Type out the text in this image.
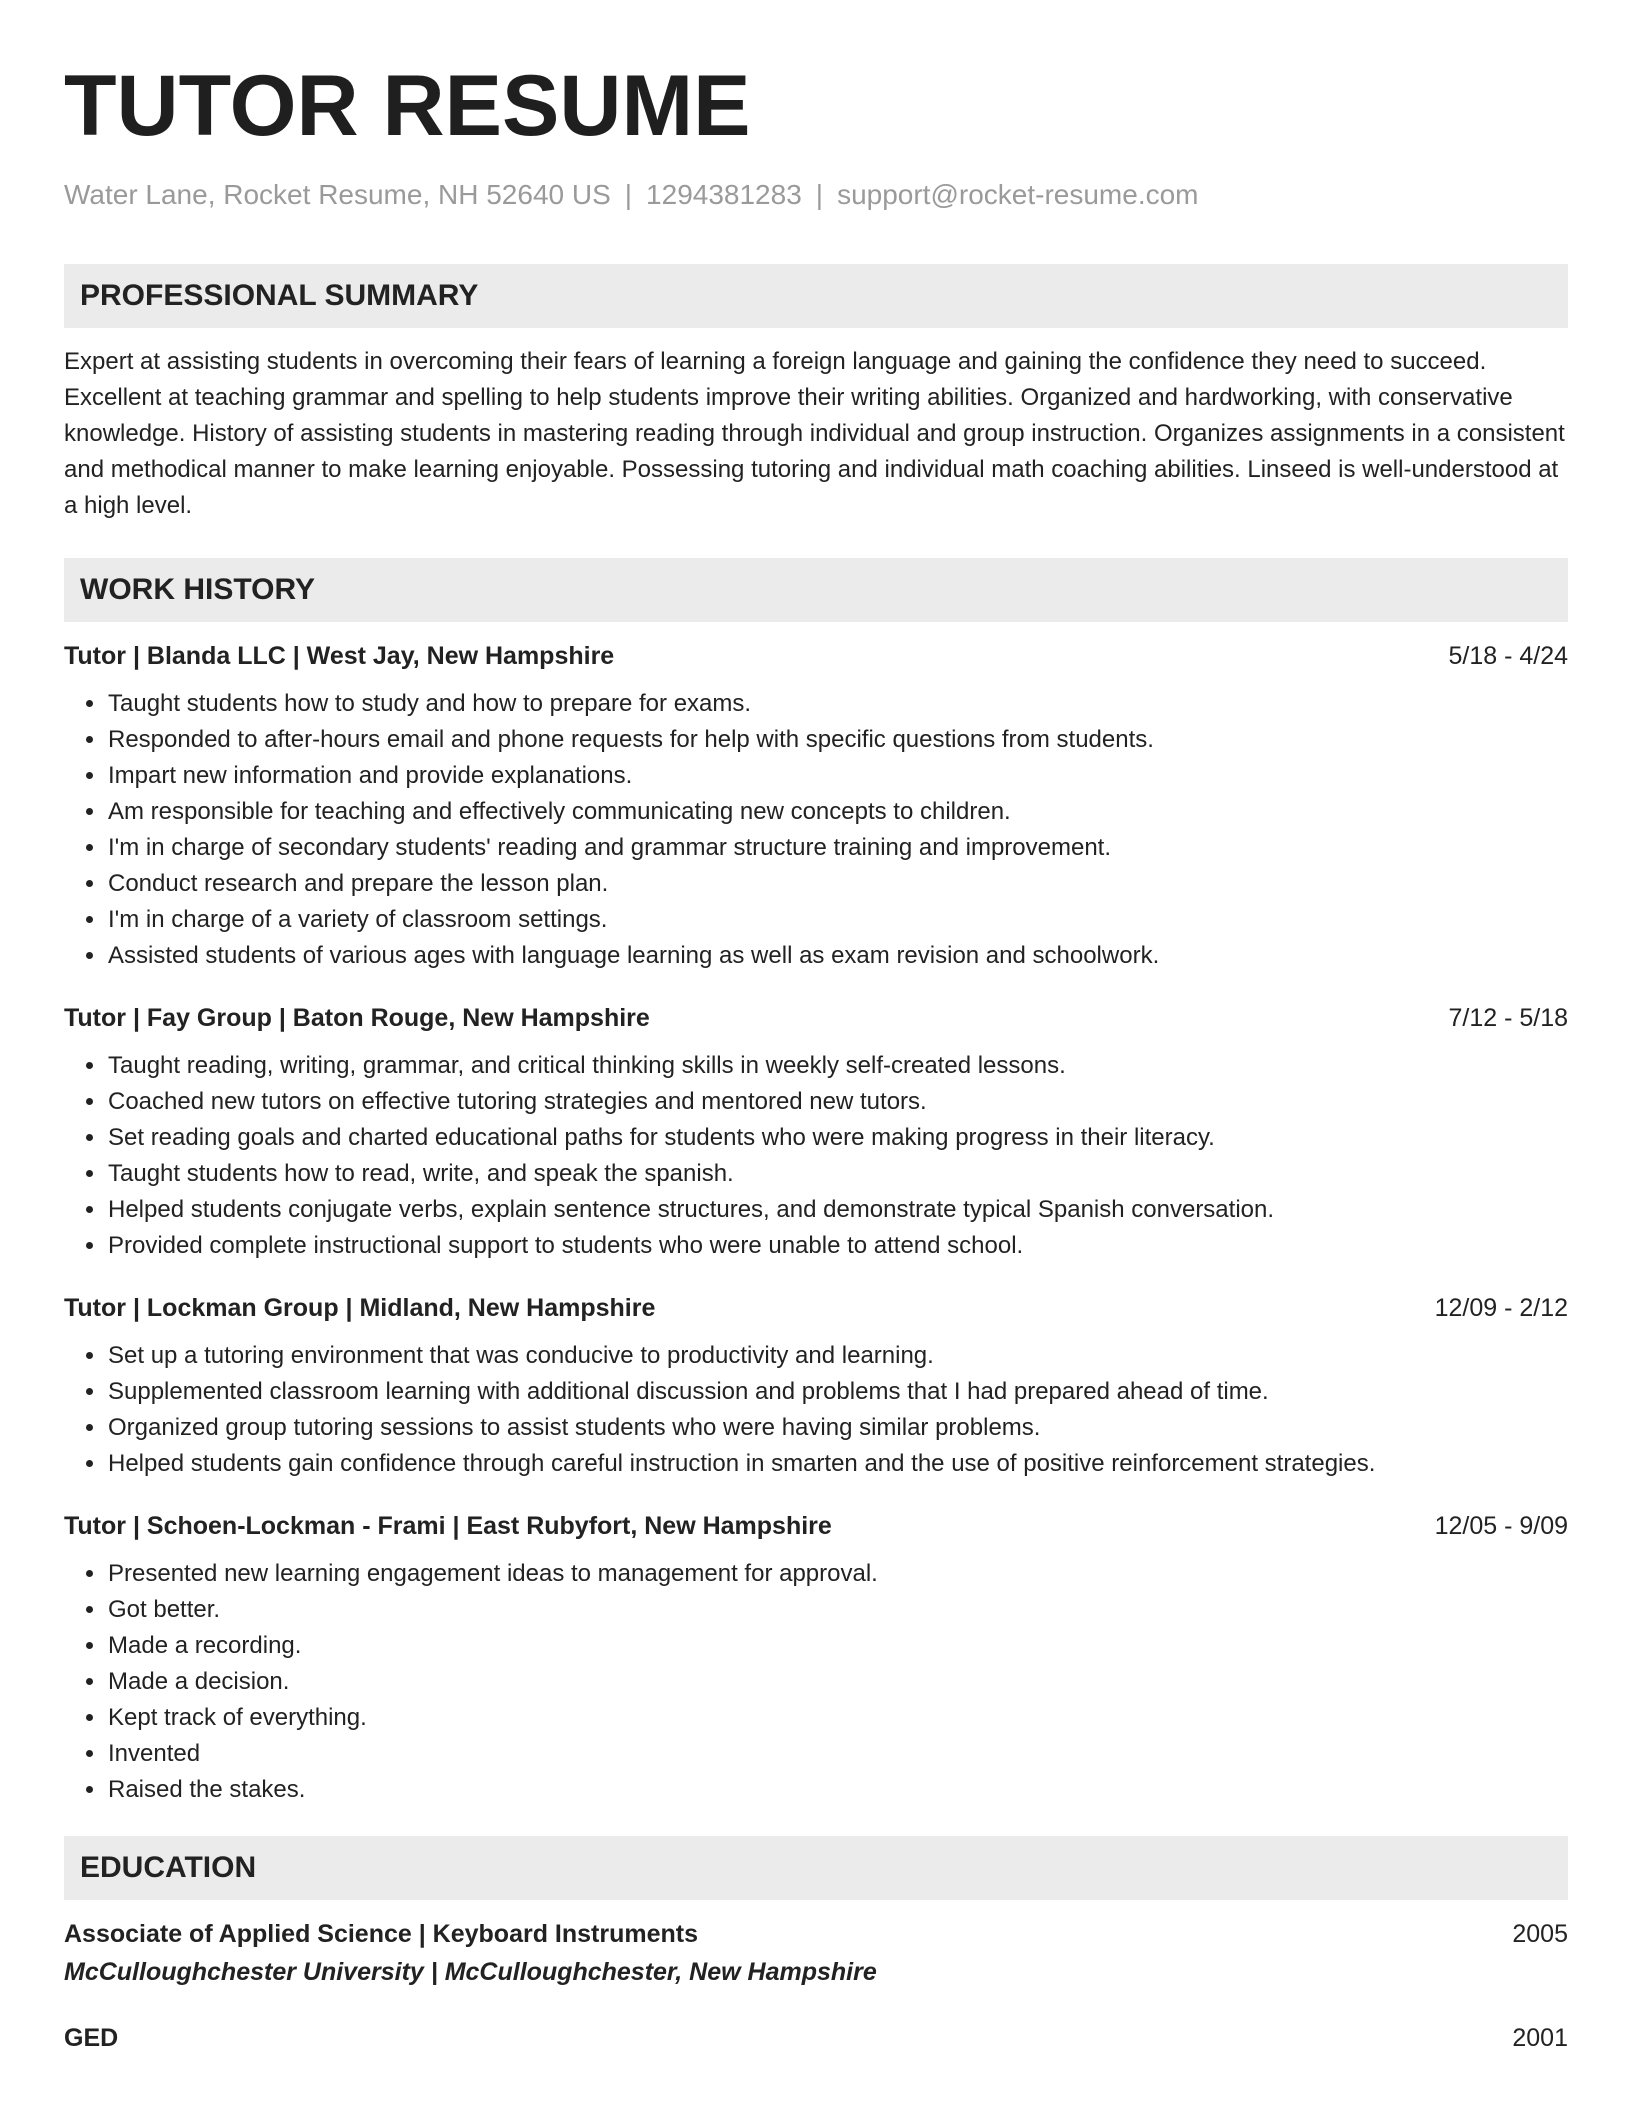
TUTOR RESUME
Water Lane, Rocket Resume, NH 52640 US | 1294381283 | support@rocket-resume.com
PROFESSIONAL SUMMARY
Expert at assisting students in overcoming their fears of learning a foreign language and gaining the confidence they need to succeed. Excellent at teaching grammar and spelling to help students improve their writing abilities. Organized and hardworking, with conservative knowledge. History of assisting students in mastering reading through individual and group instruction. Organizes assignments in a consistent and methodical manner to make learning enjoyable. Possessing tutoring and individual math coaching abilities. Linseed is well-understood at a high level.
WORK HISTORY
Tutor | Blanda LLC | West Jay, New Hampshire	5/18 - 4/24
• Taught students how to study and how to prepare for exams.
• Responded to after-hours email and phone requests for help with specific questions from students.
• Impart new information and provide explanations.
• Am responsible for teaching and effectively communicating new concepts to children.
• I'm in charge of secondary students' reading and grammar structure training and improvement.
• Conduct research and prepare the lesson plan.
• I'm in charge of a variety of classroom settings.
• Assisted students of various ages with language learning as well as exam revision and schoolwork.
Tutor | Fay Group | Baton Rouge, New Hampshire	7/12 - 5/18
• Taught reading, writing, grammar, and critical thinking skills in weekly self-created lessons.
• Coached new tutors on effective tutoring strategies and mentored new tutors.
• Set reading goals and charted educational paths for students who were making progress in their literacy.
• Taught students how to read, write, and speak the spanish.
• Helped students conjugate verbs, explain sentence structures, and demonstrate typical Spanish conversation.
• Provided complete instructional support to students who were unable to attend school.
Tutor | Lockman Group | Midland, New Hampshire	12/09 - 2/12
• Set up a tutoring environment that was conducive to productivity and learning.
• Supplemented classroom learning with additional discussion and problems that I had prepared ahead of time.
• Organized group tutoring sessions to assist students who were having similar problems.
• Helped students gain confidence through careful instruction in smarten and the use of positive reinforcement strategies.
Tutor | Schoen-Lockman - Frami | East Rubyfort, New Hampshire	12/05 - 9/09
• Presented new learning engagement ideas to management for approval.
• Got better.
• Made a recording.
• Made a decision.
• Kept track of everything.
• Invented
• Raised the stakes.
EDUCATION
Associate of Applied Science | Keyboard Instruments	2005
McCulloughchester University | McCulloughchester, New Hampshire
GED	2001
